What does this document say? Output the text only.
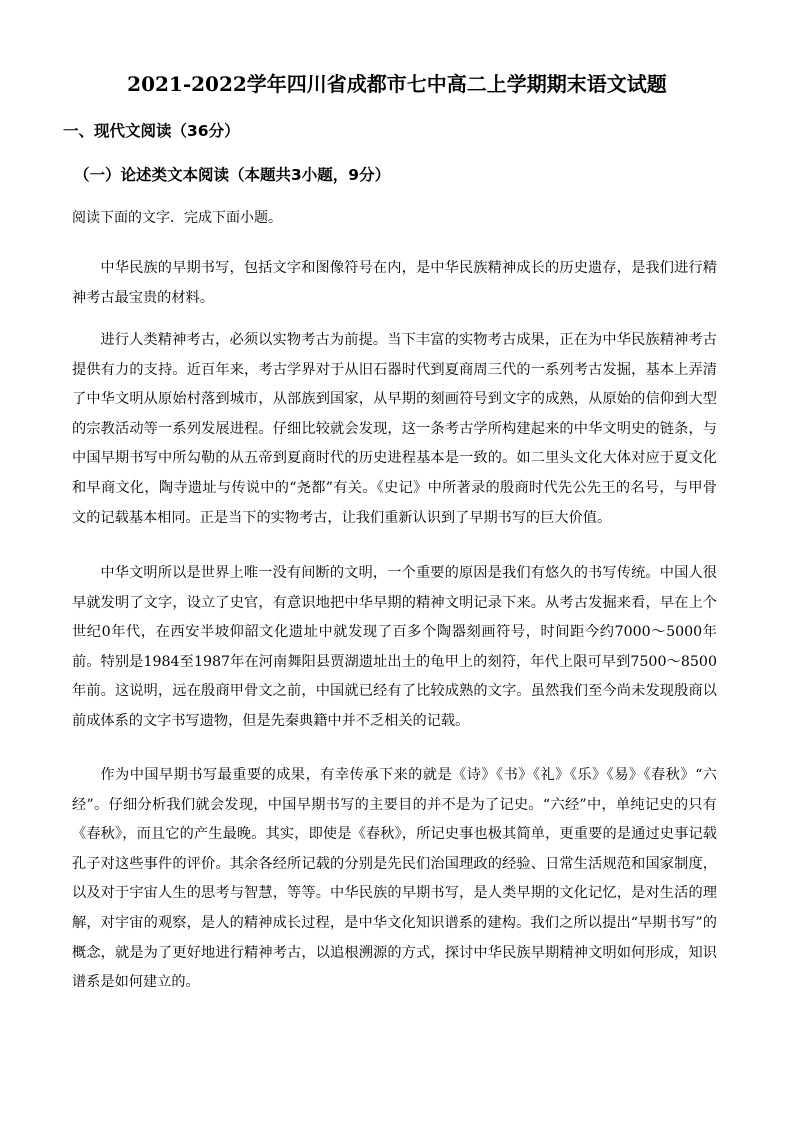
2021-2022学年四川省成都市七中高二上学期期末语文试题
一、现代文阅读（36分）
（一）论述类文本阅读（本题共3小题，9分）
阅读下面的文字．完成下面小题。

中华民族的早期书写，包括文字和图像符号在内，是中华民族精神成长的历史遗存，是我们进行精神考古最宝贵的材料。

进行人类精神考古，必须以实物考古为前提。当下丰富的实物考古成果，正在为中华民族精神考古提供有力的支持。近百年来，考古学界对于从旧石器时代到夏商周三代的一系列考古发掘，基本上弄清了中华文明从原始村落到城市，从部族到国家，从早期的刻画符号到文字的成熟，从原始的信仰到大型的宗教活动等一系列发展进程。仔细比较就会发现，这一条考古学所构建起来的中华文明史的链条，与中国早期书写中所勾勒的从五帝到夏商时代的历史进程基本是一致的。如二里头文化大体对应于夏文化和早商文化，陶寺遗址与传说中的“尧都”有关。《史记》中所著录的殷商时代先公先王的名号，与甲骨文的记载基本相同。正是当下的实物考古，让我们重新认识到了早期书写的巨大价值。

中华文明所以是世界上唯一没有间断的文明，一个重要的原因是我们有悠久的书写传统。中国人很早就发明了文字，设立了史官，有意识地把中华早期的精神文明记录下来。从考古发掘来看，早在上个世纪0年代，在西安半坡仰韶文化遗址中就发现了百多个陶器刻画符号，时间距今约7000～5000年前。特别是1984至1987年在河南舞阳县贾湖遗址出土的龟甲上的刻符，年代上限可早到7500～8500年前。这说明，远在殷商甲骨文之前，中国就已经有了比较成熟的文字。虽然我们至今尚未发现殷商以前成体系的文字书写遗物，但是先秦典籍中并不乏相关的记载。

作为中国早期书写最重要的成果，有幸传承下来的就是《诗》《书》《礼》《乐》《易》《春秋》“六经”。仔细分析我们就会发现，中国早期书写的主要目的并不是为了记史。“六经”中，单纯记史的只有《春秋》，而且它的产生最晚。其实，即使是《春秋》，所记史事也极其简单，更重要的是通过史事记载孔子对这些事件的评价。其余各经所记载的分别是先民们治国理政的经验、日常生活规范和国家制度，以及对于宇宙人生的思考与智慧，等等。中华民族的早期书写，是人类早期的文化记忆，是对生活的理解，对宇宙的观察，是人的精神成长过程，是中华文化知识谱系的建构。我们之所以提出“早期书写”的概念，就是为了更好地进行精神考古，以追根溯源的方式，探讨中华民族早期精神文明如何形成，知识谱系是如何建立的。
